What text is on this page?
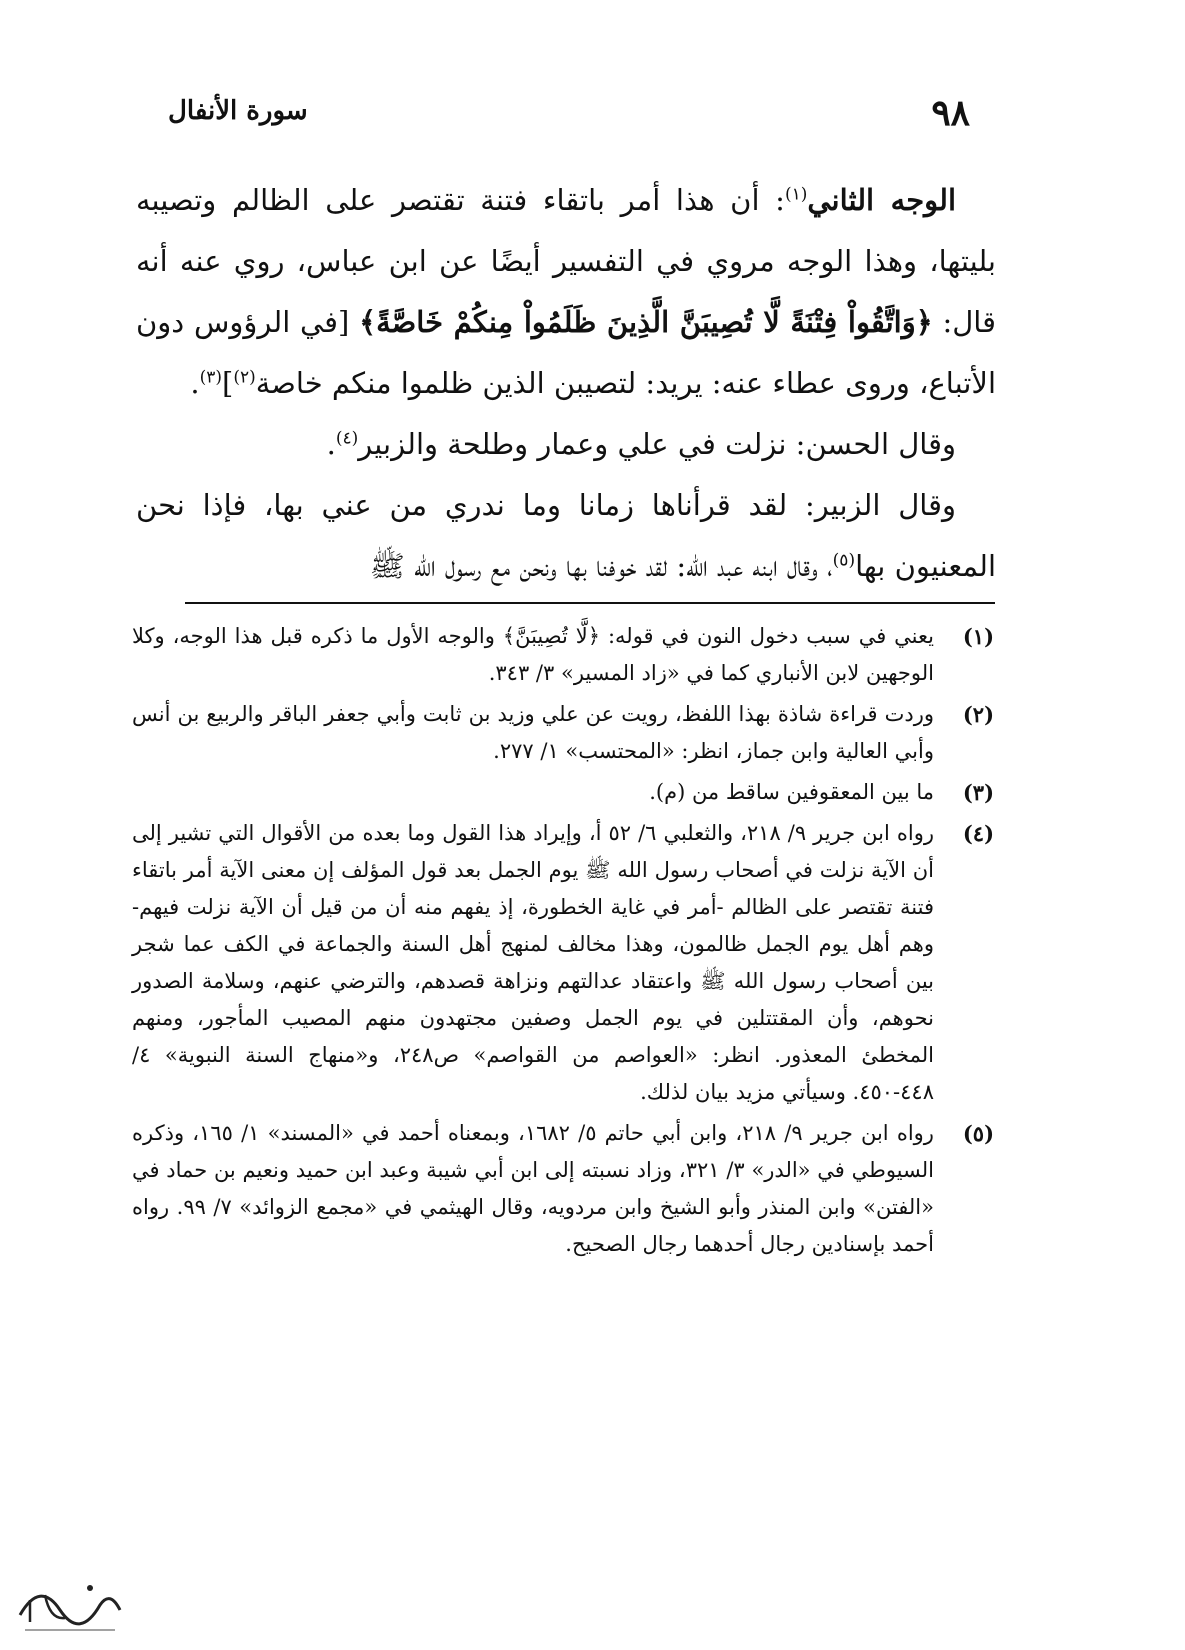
٩٨
سورة الأنفال

الوجه الثاني$^{(١)}$: أن هذا أمر باتقاء فتنة تقتصر على الظالم وتصيبه بليتها، وهذا الوجه مروي في التفسير أيضًا عن ابن عباس، روي عنه أنه قال: ﴿وَاتَّقُواْ فِتْنَةً لَّا تُصِيبَنَّ الَّذِينَ ظَلَمُواْ مِنكُمْ خَاصَّةً﴾ [في الرؤوس دون الأتباع، وروى عطاء عنه: يريد: لتصيبن الذين ظلموا منكم خاصة$^{(٢)}$]$^{(٣)}$.

وقال الحسن: نزلت في علي وعمار وطلحة والزبير$^{(٤)}$.

وقال الزبير: لقد قرأناها زمانا وما ندري من عني بها، فإذا نحن المعنيون بها$^{(٥)}$، وقال ابنه عبد الله: لقد خوفنا بها ونحن مع رسول الله ﷺ

(١)
يعني في سبب دخول النون في قوله: ﴿لَّا تُصِيبَنَّ﴾ والوجه الأول ما ذكره قبل هذا الوجه، وكلا الوجهين لابن الأنباري كما في «زاد المسير» ٣/ ٣٤٣.
(٢)
وردت قراءة شاذة بهذا اللفظ، رويت عن علي وزيد بن ثابت وأبي جعفر الباقر والربيع بن أنس وأبي العالية وابن جماز، انظر: «المحتسب» ١/ ٢٧٧.
(٣)
ما بين المعقوفين ساقط من (م).
(٤)
رواه ابن جرير ٩/ ٢١٨، والثعلبي ٦/ ٥٢ أ، وإيراد هذا القول وما بعده من الأقوال التي تشير إلى أن الآية نزلت في أصحاب رسول الله ﷺ يوم الجمل بعد قول المؤلف إن معنى الآية أمر باتقاء فتنة تقتصر على الظالم -أمر في غاية الخطورة، إذ يفهم منه أن من قيل أن الآية نزلت فيهم- وهم أهل يوم الجمل ظالمون، وهذا مخالف لمنهج أهل السنة والجماعة في الكف عما شجر بين أصحاب رسول الله ﷺ واعتقاد عدالتهم ونزاهة قصدهم، والترضي عنهم، وسلامة الصدور نحوهم، وأن المقتتلين في يوم الجمل وصفين مجتهدون منهم المصيب المأجور، ومنهم المخطئ المعذور. انظر: «العواصم من القواصم» ص٢٤٨، و«منهاج السنة النبوية» ٤/ ٤٤٨-٤٥٠. وسيأتي مزيد بيان لذلك.
(٥)
رواه ابن جرير ٩/ ٢١٨، وابن أبي حاتم ٥/ ١٦٨٢، وبمعناه أحمد في «المسند» ١/ ١٦٥، وذكره السيوطي في «الدر» ٣/ ٣٢١، وزاد نسبته إلى ابن أبي شيبة وعبد ابن حميد ونعيم بن حماد في «الفتن» وابن المنذر وأبو الشيخ وابن مردويه، وقال الهيثمي في «مجمع الزوائد» ٧/ ٩٩. رواه أحمد بإسنادين رجال أحدهما رجال الصحيح.
